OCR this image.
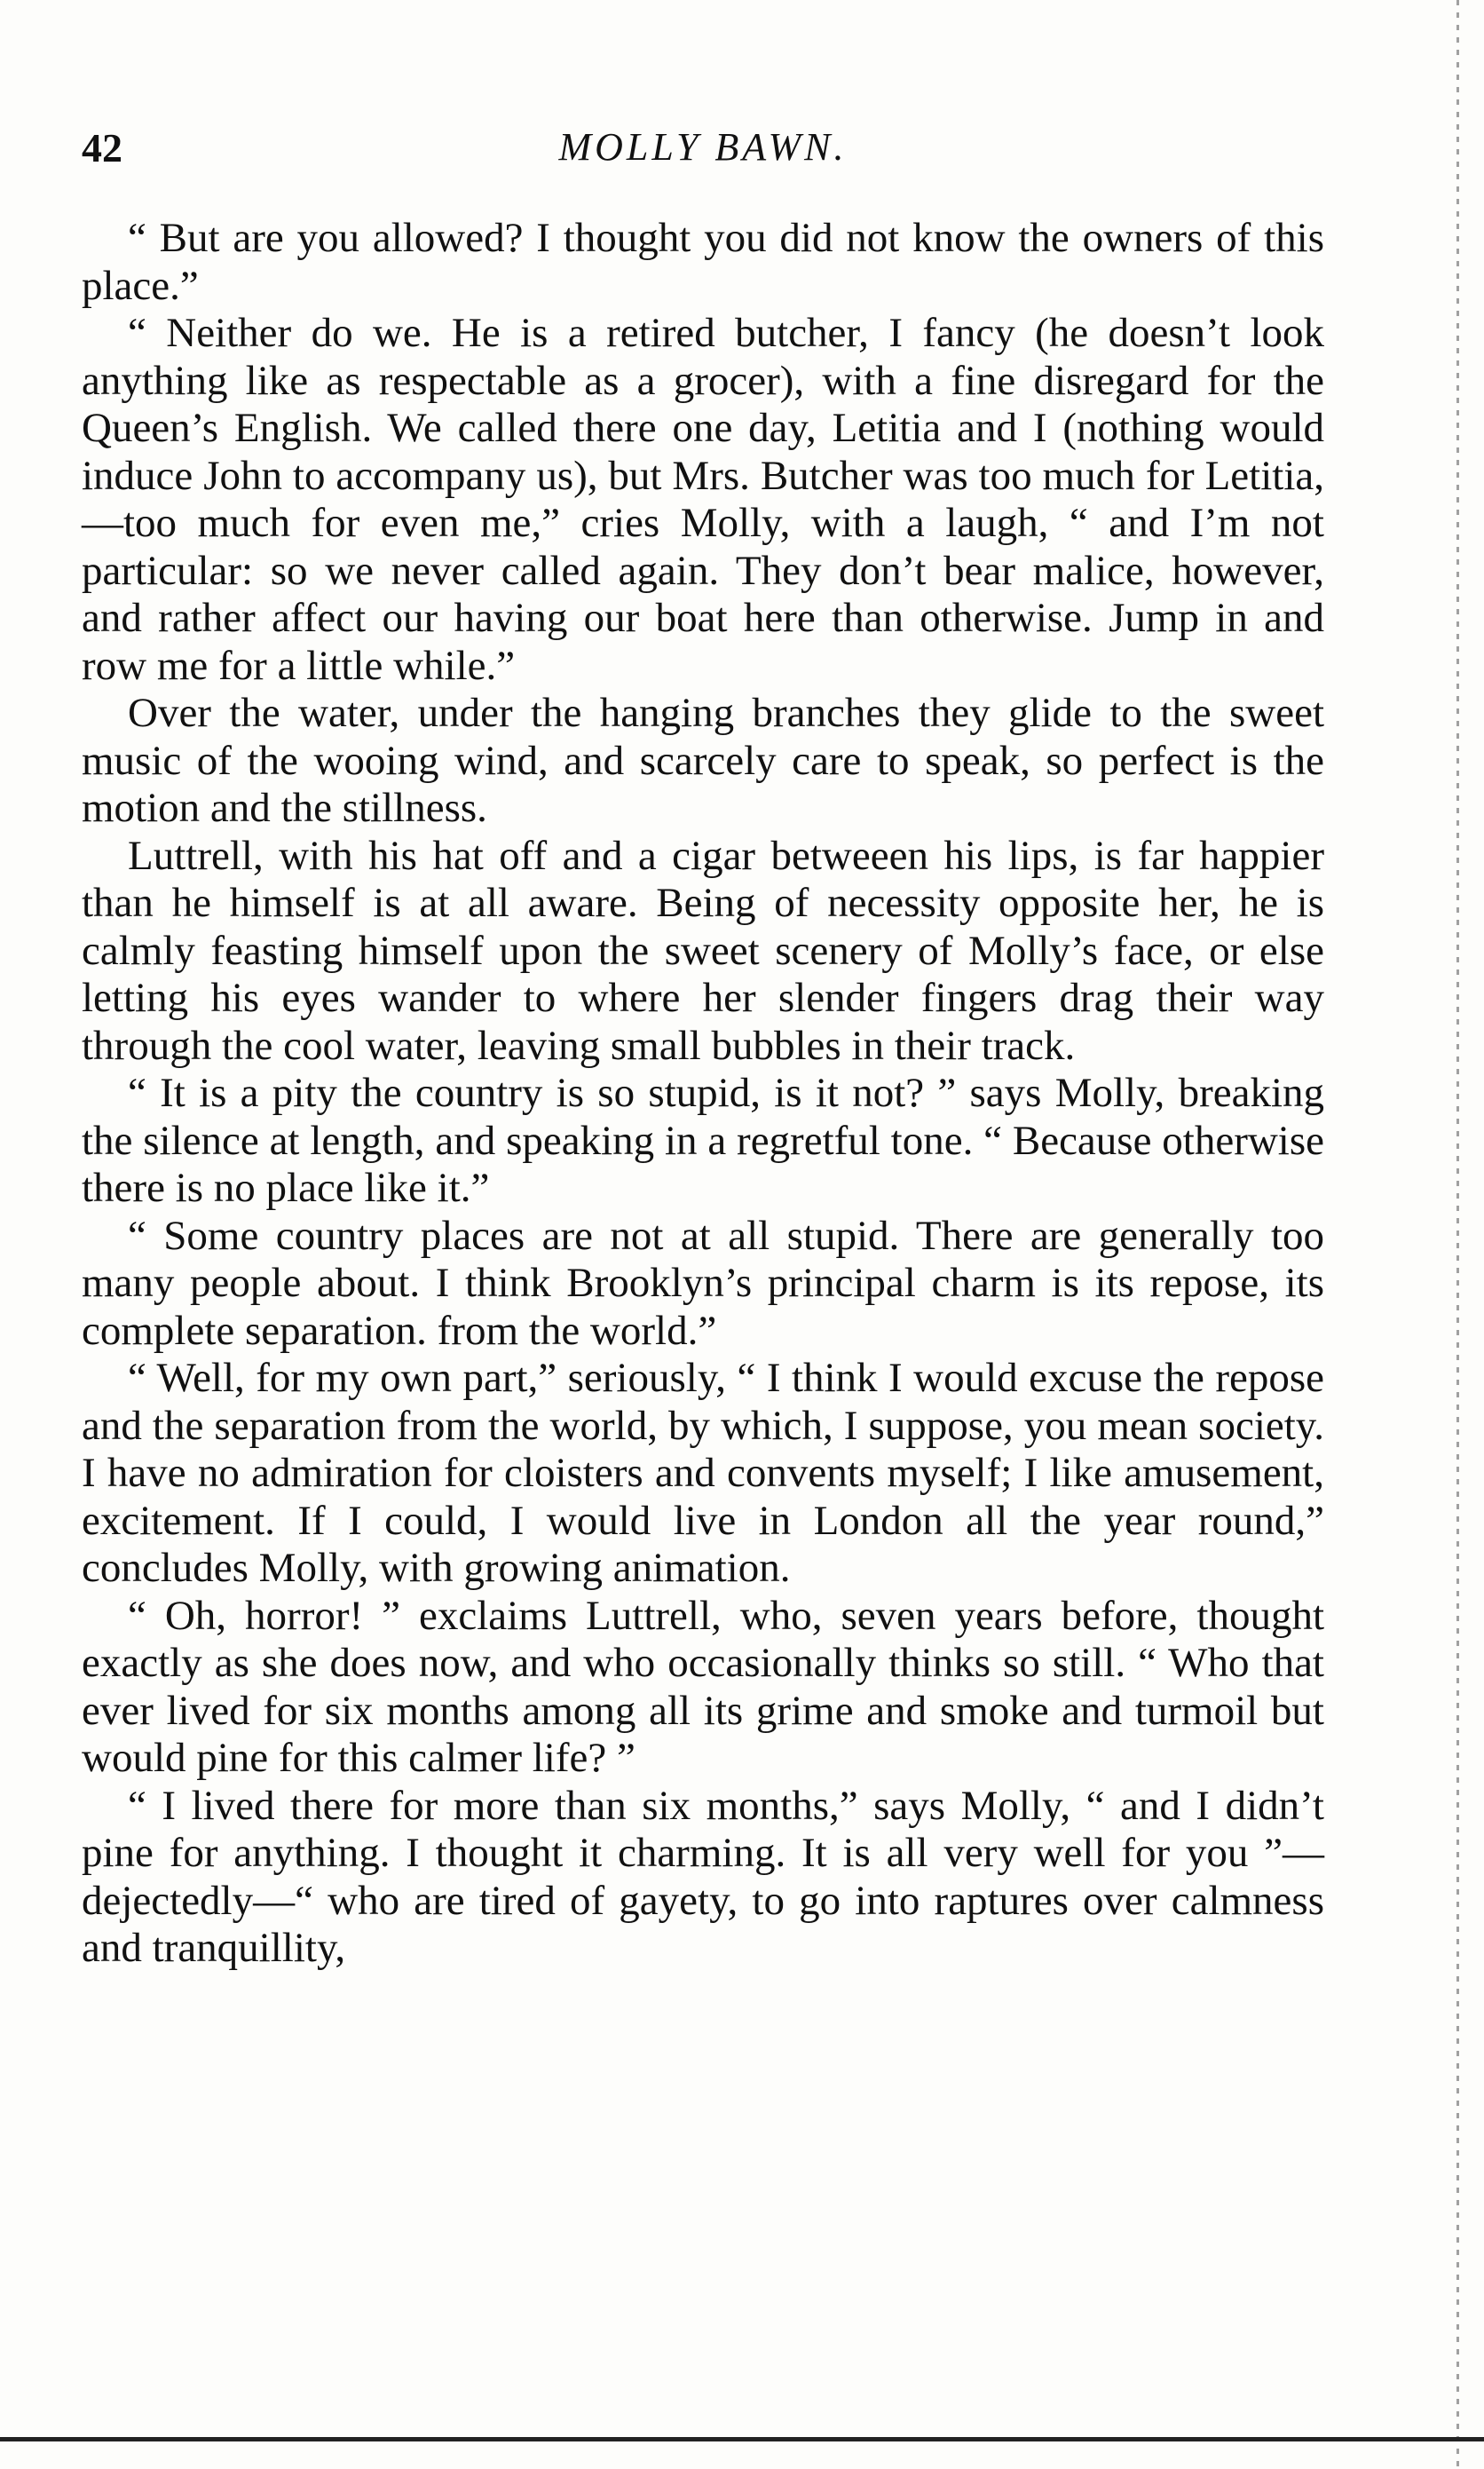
MOLLY BAWN.
42

“ But are you allowed? I thought you did not know the owners of this place.”

“ Neither do we. He is a retired butcher, I fancy (he doesn’t look anything like as respectable as a grocer), with a fine disregard for the Queen’s English. We called there one day, Letitia and I (nothing would induce John to accompany us), but Mrs. Butcher was too much for Letitia, —too much for even me,” cries Molly, with a laugh, “ and I’m not particular: so we never called again. They don’t bear malice, however, and rather affect our having our boat here than otherwise. Jump in and row me for a little while.”

Over the water, under the hanging branches they glide to the sweet music of the wooing wind, and scarcely care to speak, so perfect is the motion and the stillness.

Luttrell, with his hat off and a cigar betweeen his lips, is far happier than he himself is at all aware. Being of necessity opposite her, he is calmly feasting himself upon the sweet scenery of Molly’s face, or else letting his eyes wander to where her slender fingers drag their way through the cool water, leaving small bubbles in their track.

“ It is a pity the country is so stupid, is it not? ” says Molly, breaking the silence at length, and speaking in a regretful tone. “ Because otherwise there is no place like it.”

“ Some country places are not at all stupid. There are generally too many people about. I think Brooklyn’s principal charm is its repose, its complete separation. from the world.”

“ Well, for my own part,” seriously, “ I think I would excuse the repose and the separation from the world, by which, I suppose, you mean society. I have no admiration for cloisters and convents myself; I like amusement, excitement. If I could, I would live in London all the year round,” concludes Molly, with growing animation.

“ Oh, horror! ” exclaims Luttrell, who, seven years before, thought exactly as she does now, and who occasionally thinks so still. “ Who that ever lived for six months among all its grime and smoke and turmoil but would pine for this calmer life? ”

“ I lived there for more than six months,” says Molly, “ and I didn’t pine for anything. I thought it charming. It is all very well for you ”—dejectedly—“ who are tired of gayety, to go into raptures over calmness and tranquillity,
